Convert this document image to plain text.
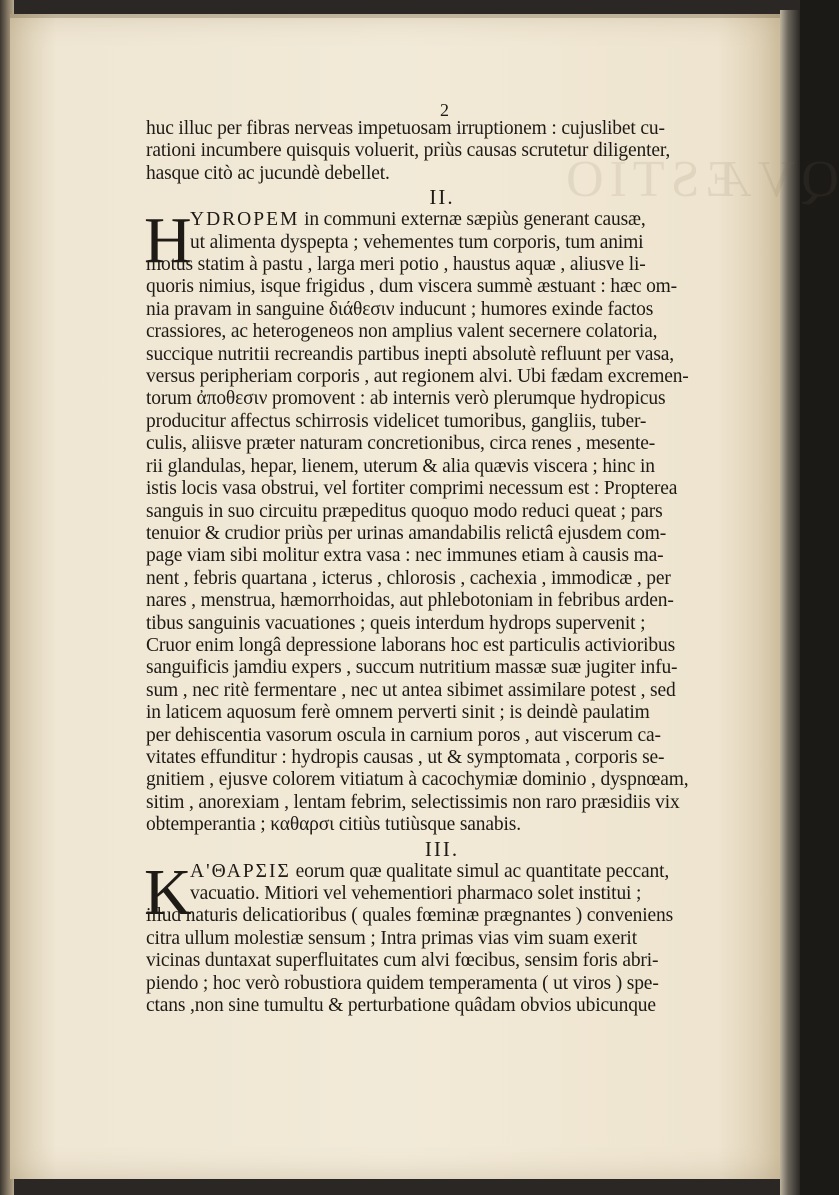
QVÆSTIO
2
huc illuc per fibras nerveas impetuosam irruptionem : cujuslibet cu-
rationi incumbere quisquis voluerit, priùs causas scrutetur diligenter,
hasque citò ac jucundè debellet.
II.
H
YDROPEM in communi externæ sæpiùs generant causæ,
ut alimenta dyspepta ; vehementes tum corporis, tum animi
motus statim à pastu , larga meri potio , haustus aquæ , aliusve li-
quoris nimius, isque frigidus , dum viscera summè æstuant : hæc om-
nia pravam in sanguine διάθεσιν inducunt ; humores exinde factos
crassiores, ac heterogeneos non amplius valent secernere colatoria,
succique nutritii recreandis partibus inepti absolutè refluunt per vasa,
versus peripheriam corporis , aut regionem alvi. Ubi fædam excremen-
torum ἀποθεσιν promovent : ab internis verò plerumque hydropicus
producitur affectus schirrosis videlicet tumoribus, gangliis, tuber-
culis, aliisve præter naturam concretionibus, circa renes , mesente-
rii glandulas, hepar, lienem, uterum & alia quævis viscera ; hinc in
istis locis vasa obstrui, vel fortiter comprimi necessum est : Propterea
sanguis in suo circuitu præpeditus quoquo modo reduci queat ; pars
tenuior & crudior priùs per urinas amandabilis relictâ ejusdem com-
page viam sibi molitur extra vasa : nec immunes etiam à causis ma-
nent , febris quartana , icterus , chlorosis , cachexia , immodicæ , per
nares , menstrua, hæmorrhoidas, aut phlebotoniam in febribus arden-
tibus sanguinis vacuationes ; queis interdum hydrops supervenit ;
Cruor enim longâ depressione laborans hoc est particulis activioribus
sanguificis jamdiu expers , succum nutritium massæ suæ jugiter infu-
sum , nec ritè fermentare , nec ut antea sibimet assimilare potest , sed
in laticem aquosum ferè omnem perverti sinit ; is deindè paulatim
per dehiscentia vasorum oscula in carnium poros , aut viscerum ca-
vitates effunditur : hydropis causas , ut & symptomata , corporis se-
gnitiem , ejusve colorem vitiatum à cacochymiæ dominio , dyspnœam,
sitim , anorexiam , lentam febrim, selectissimis non raro præsidiis vix
obtemperantia ; καθαρσι citiùs tutiùsque sanabis.
III.
K
Α'ΘΑΡΣΙΣ eorum quæ qualitate simul ac quantitate peccant,
vacuatio. Mitiori vel vehementiori pharmaco solet institui ;
illud naturis delicatioribus ( quales fœminæ prægnantes ) conveniens
citra ullum molestiæ sensum ; Intra primas vias vim suam exerit
vicinas duntaxat superfluitates cum alvi fœcibus, sensim foris abri-
piendo ; hoc verò robustiora quidem temperamenta ( ut viros ) spe-
ctans ,non sine tumultu & perturbatione quâdam obvios ubicunque
